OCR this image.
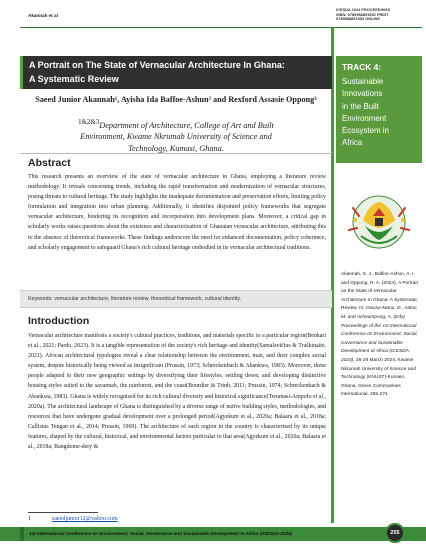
Akannah et al
ICESDA 2024 PROCEEDINGS
ISBN: 9789988891952 PRINT
9789988891969 ONLINE
A Portrait on The State of Vernacular Architecture In Ghana:
A Systematic Review
Saeed Junior Akannah¹, Ayisha Ida Baffoe-Ashun² and Rexford Assasie Oppong³
$^{1\&2\&3}$Department of Architecture, College of Art and Built
Environment, Kwame Nkrumah University of Science and
Technology, Kumasi, Ghana.
Abstract
This research presents an overview of the state of vernacular architecture in Ghana, employing a literature review methodology. It reveals concerning trends, including the rapid transformation and modernization of vernacular structures, posing threats to cultural heritage. The study highlights the inadequate documentation and preservation efforts, limiting policy formulation and integration into urban planning. Additionally, it identifies disjointed policy frameworks that segregate vernacular architecture, hindering its recognition and incorporation into development plans. Moreover, a critical gap in scholarly works raises questions about the existence and characterization of Ghanaian vernacular architecture, attributing this to the absence of theoretical frameworks. These findings underscore the need for enhanced documentation, policy coherence, and scholarly engagement to safeguard Ghana's rich cultural heritage embodied in its vernacular architectural traditions.
Keywords: vernacular architecture, literature review, theoretical framework, cultural identity.
Introduction
Vernacular architecture manifests a society's cultural practices, traditions, and materials specific to a particular region(Benkari et al., 2021; Pardo, 2023). It is a tangible representation of the society's rich heritage and identity(Samalavičius & Traškinaitė, 2021). African architectural typologies reveal a clear relationship between the environment, man, and their complex social system, despite historically being viewed as insignificant (Prussin, 1973; Schreckenbach & Abankwa, 1983). Moreover, these people adapted to their new geographic settings by diversifying their lifestyles, settling down, and developing distinctive housing styles suited to the savannah, the rainforest, and the coast(Bourdier & Trinh, 2011; Prussin, 1974; Schreckenbach & Abankwa, 1983). Ghana is widely recognised for its rich cultural diversity and historical significance(Twumasi-Ampofo et al., 2020a). The architectural landscape of Ghana is distinguished by a diverse range of native building styles, methodologies, and resources that have undergone gradual development over a prolonged period(Agyekum et al., 2020a; Balaara et al., 2018a; Callistus Tengan et al., 2014; Prussin, 1969). The architecture of each region in the country is characterised by its unique features, shaped by the cultural, historical, and environmental factors particular to that area(Agyekum et al., 2020a; Balaara et al., 2018a; Bangdome-dery &
1	saeedjunior12@yahoo.com
TRACK 4:
Sustainable
Innovations
in the Built
Environment
Ecosystem in
Africa
Akannah, S. J., Baffoe-Ashun, A. I. and Oppong, R. A. (2024). A Portrait on the State of Vernacular Architecture in Ghana: A Systematic Review. In: Owusu-Manu, D., Adesi, M. and Acheampong, A. (Eds) Proceedings of the 1st International Conference on Environment, Social, Governance and Sustainable Development of Africa (ICESDA-2024), 26-29 March 2024, Kwame Nkrumah University of Science and Technology (KNUST)-Kumasi, Ghana, Green Communities International, 255-274.
1st International Conference on Environment, Social, Governance and Sustainable Development in Africa (ICESDA-2024)	255
